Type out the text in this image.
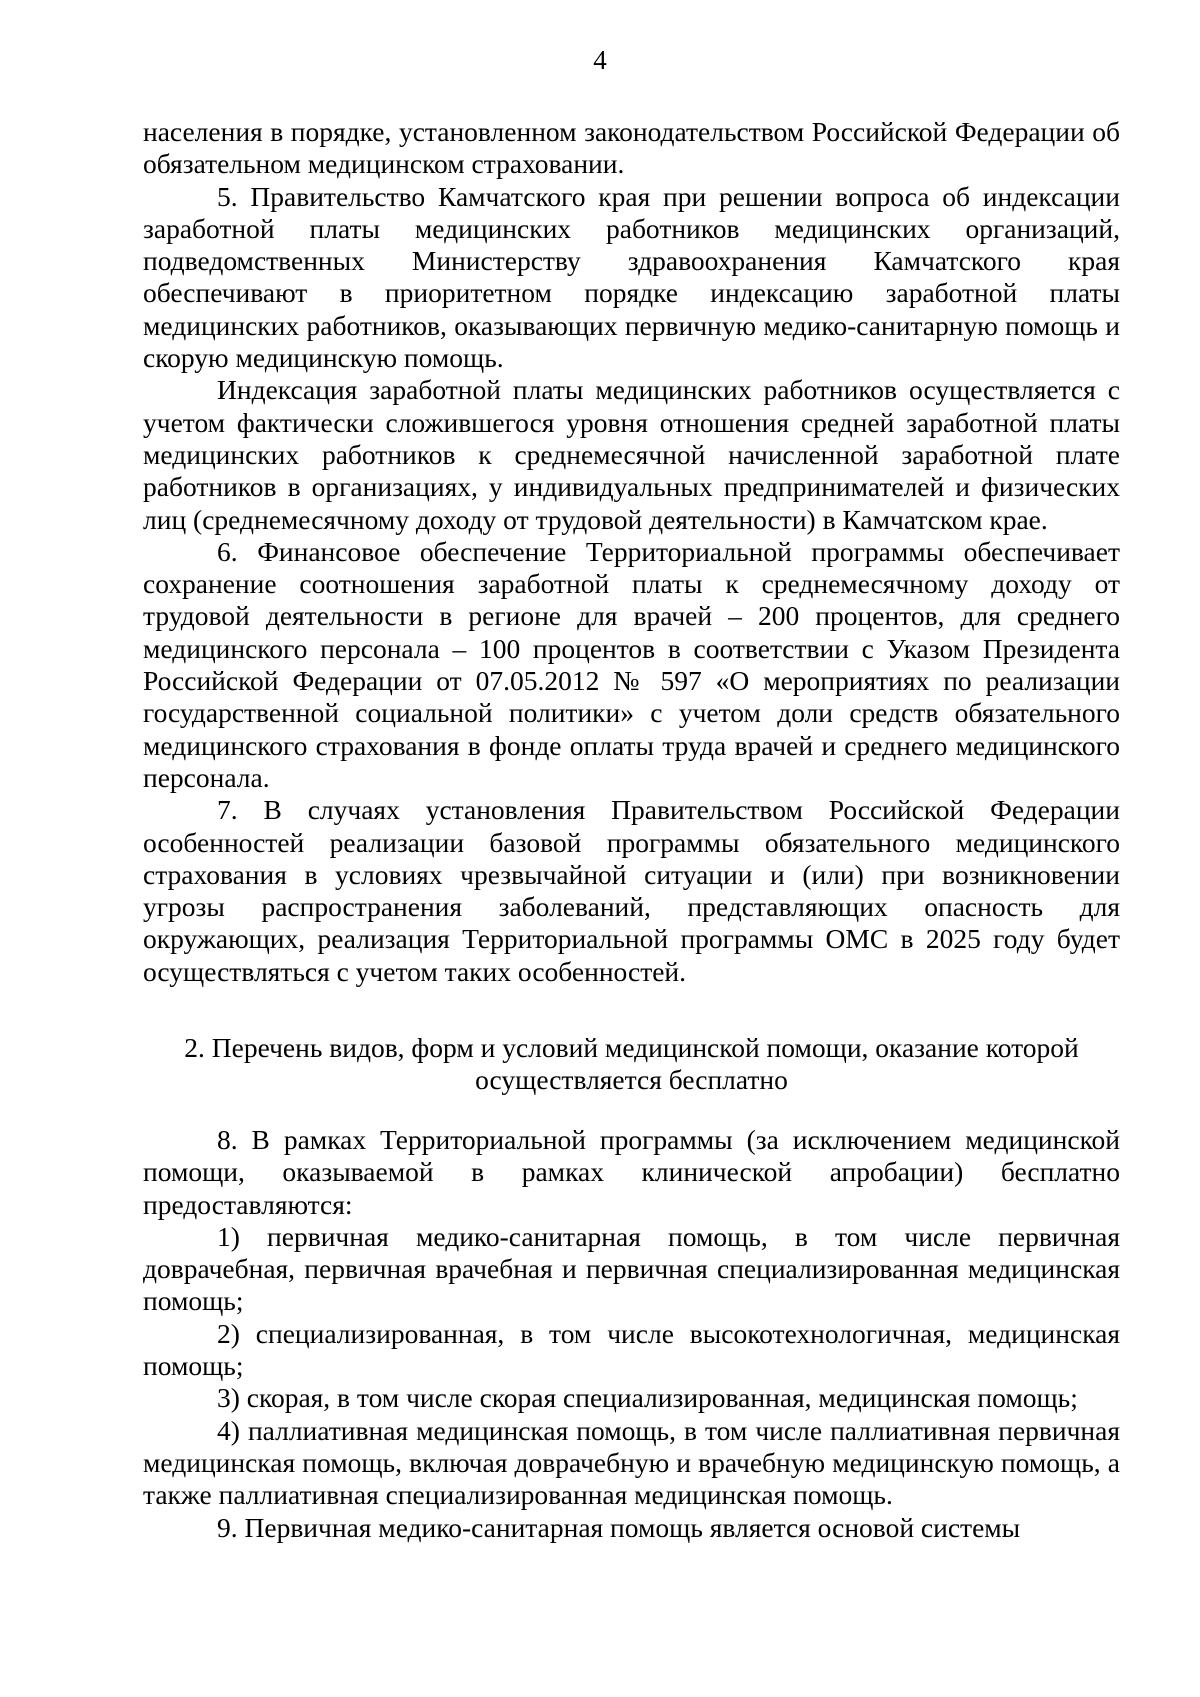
4

населения в порядке, установленном законодательством Российской Федерации об обязательном медицинском страховании.

5. Правительство Камчатского края при решении вопроса об индексации заработной платы медицинских работников медицинских организаций, подведомственных Министерству здравоохранения Камчатского края обеспечивают в приоритетном порядке индексацию заработной платы медицинских работников, оказывающих первичную медико-санитарную помощь и скорую медицинскую помощь.

Индексация заработной платы медицинских работников осуществляется с учетом фактически сложившегося уровня отношения средней заработной платы медицинских работников к среднемесячной начисленной заработной плате работников в организациях, у индивидуальных предпринимателей и физических лиц (среднемесячному доходу от трудовой деятельности) в Камчатском крае.

6. Финансовое обеспечение Территориальной программы обеспечивает сохранение соотношения заработной платы к среднемесячному доходу от трудовой деятельности в регионе для врачей – 200 процентов, для среднего медицинского персонала – 100 процентов в соответствии с Указом Президента Российской Федерации от 07.05.2012 № 597 «О мероприятиях по реализации государственной социальной политики» с учетом доли средств обязательного медицинского страхования в фонде оплаты труда врачей и среднего медицинского персонала.

7. В случаях установления Правительством Российской Федерации особенностей реализации базовой программы обязательного медицинского страхования в условиях чрезвычайной ситуации и (или) при возникновении угрозы распространения заболеваний, представляющих опасность для окружающих, реализация Территориальной программы ОМС в 2025 году будет осуществляться с учетом таких особенностей.

2. Перечень видов, форм и условий медицинской помощи, оказание которой
осуществляется бесплатно

8. В рамках Территориальной программы (за исключением медицинской помощи, оказываемой в рамках клинической апробации) бесплатно предоставляются:

1) первичная медико-санитарная помощь, в том числе первичная доврачебная, первичная врачебная и первичная специализированная медицинская помощь;

2) специализированная, в том числе высокотехнологичная, медицинская помощь;

3) скорая, в том числе скорая специализированная, медицинская помощь;

4) паллиативная медицинская помощь, в том числе паллиативная первичная медицинская помощь, включая доврачебную и врачебную медицинскую помощь, а также паллиативная специализированная медицинская помощь.

9. Первичная медико-санитарная помощь является основой системы
